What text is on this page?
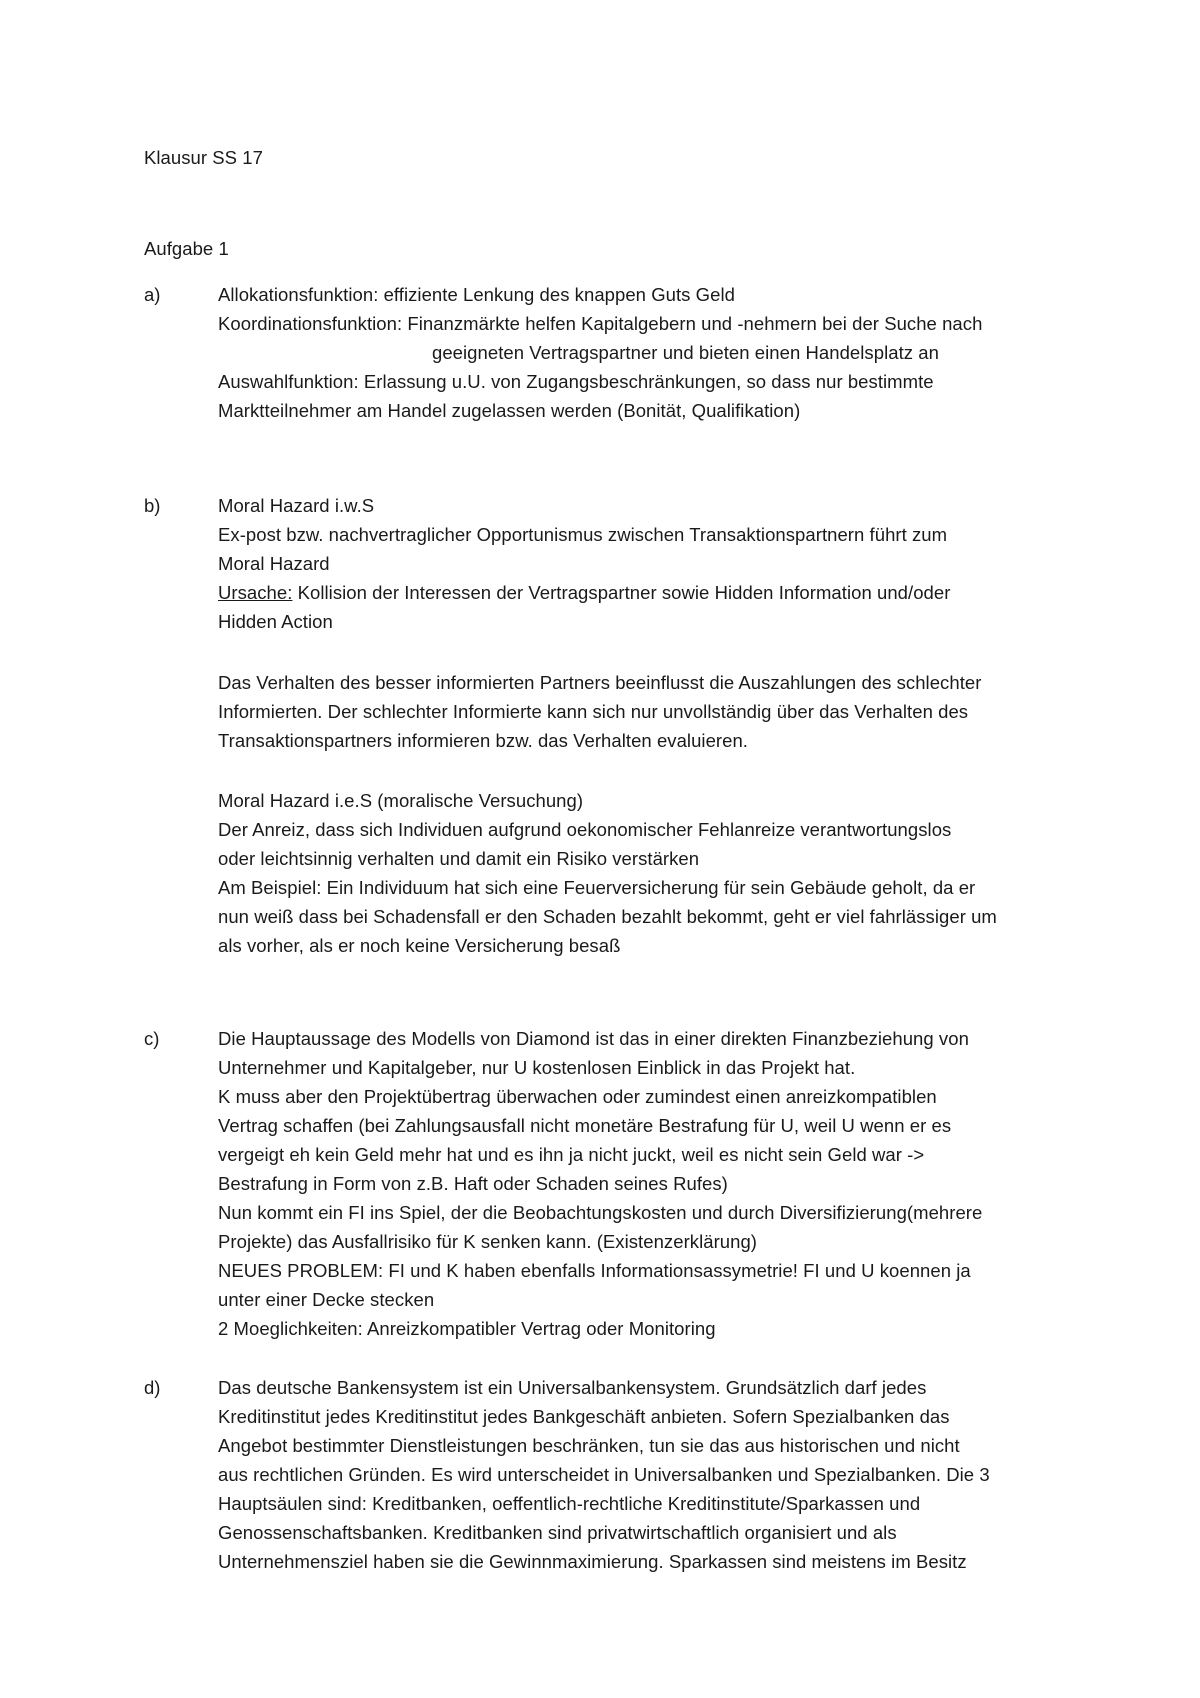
Klausur SS 17
Aufgabe 1
a)	Allokationsfunktion: effiziente Lenkung des knappen Guts Geld
Koordinationsfunktion: Finanzmärkte helfen Kapitalgebern und -nehmern bei der Suche nach
geeigneten Vertragspartner und bieten einen Handelsplatz an
Auswahlfunktion: Erlassung u.U. von Zugangsbeschränkungen, so dass nur bestimmte
Marktteilnehmer am Handel zugelassen werden (Bonität, Qualifikation)
b)	Moral Hazard i.w.S
Ex-post bzw. nachvertraglicher Opportunismus zwischen Transaktionspartnern führt zum
Moral Hazard
Ursache: Kollision der Interessen der Vertragspartner sowie Hidden Information und/oder
Hidden Action
Das Verhalten des besser informierten Partners beeinflusst die Auszahlungen des schlechter
Informierten. Der schlechter Informierte kann sich nur unvollständig über das Verhalten des
Transaktionspartners informieren bzw. das Verhalten evaluieren.
Moral Hazard i.e.S (moralische Versuchung)
Der Anreiz, dass sich Individuen aufgrund oekonomischer Fehlanreize verantwortungslos
oder leichtsinnig verhalten und damit ein Risiko verstärken
Am Beispiel: Ein Individuum hat sich eine Feuerversicherung für sein Gebäude geholt, da er
nun weiß dass bei Schadensfall er den Schaden bezahlt bekommt, geht er viel fahrlässiger um
als vorher, als er noch keine Versicherung besaß
c)	Die Hauptaussage des Modells von Diamond ist das in einer direkten Finanzbeziehung von
Unternehmer und Kapitalgeber, nur U kostenlosen Einblick in das Projekt hat.
K muss aber den Projektübertrag überwachen oder zumindest einen anreizkompatiblen
Vertrag schaffen (bei Zahlungsausfall nicht monetäre Bestrafung für U, weil U wenn er es
vergeigt eh kein Geld mehr hat und es ihn ja nicht juckt, weil es nicht sein Geld war ->
Bestrafung in Form von z.B. Haft oder Schaden seines Rufes)
Nun kommt ein FI ins Spiel, der die Beobachtungskosten und durch Diversifizierung(mehrere
Projekte) das Ausfallrisiko für K senken kann. (Existenzerklärung)
NEUES PROBLEM: FI und K haben ebenfalls Informationsassymetrie! FI und U koennen ja
unter einer Decke stecken
2 Moeglichkeiten: Anreizkompatibler Vertrag oder Monitoring
d)	Das deutsche Bankensystem ist ein Universalbankensystem. Grundsätzlich darf jedes
Kreditinstitut jedes Kreditinstitut jedes Bankgeschäft anbieten. Sofern Spezialbanken das
Angebot bestimmter Dienstleistungen beschränken, tun sie das aus historischen und nicht
aus rechtlichen Gründen. Es wird unterscheidet in Universalbanken und Spezialbanken. Die 3
Hauptsäulen sind: Kreditbanken, oeffentlich-rechtliche Kreditinstitute/Sparkassen und
Genossenschaftsbanken. Kreditbanken sind privatwirtschaftlich organisiert und als
Unternehmensziel haben sie die Gewinnmaximierung. Sparkassen sind meistens im Besitz
